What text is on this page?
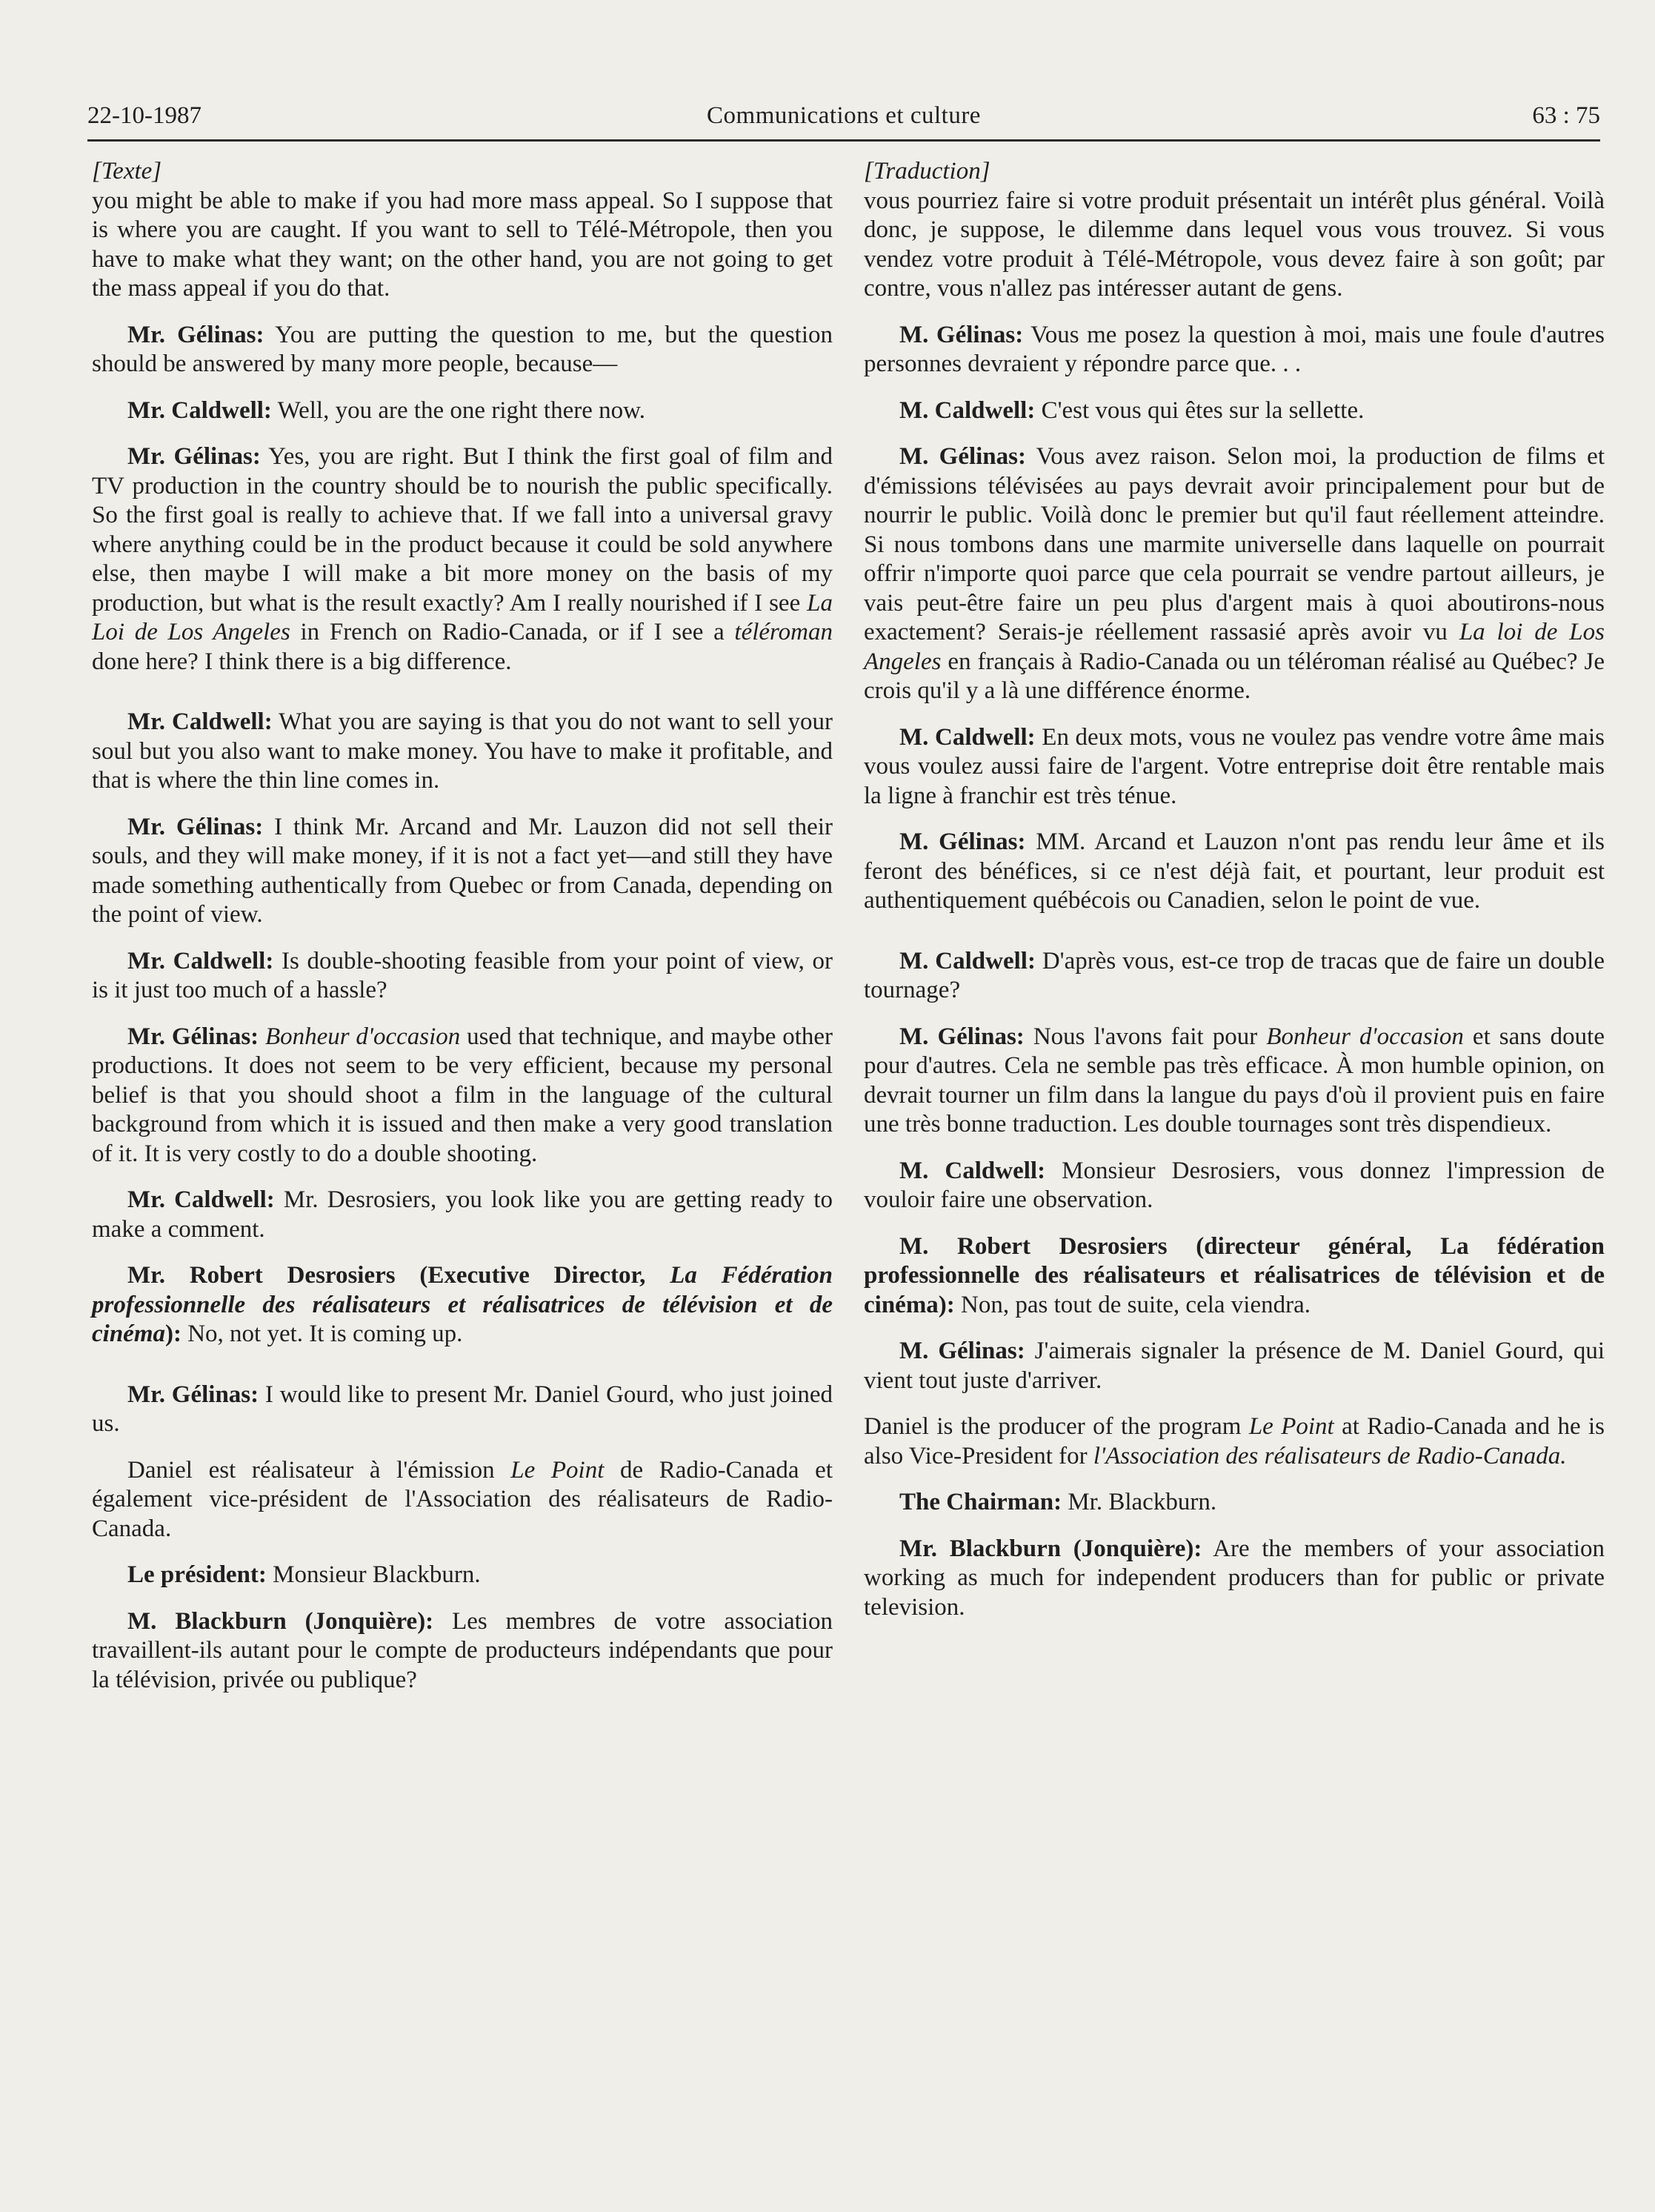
22-10-1987	Communications et culture	63 : 75

[Texte]

you might be able to make if you had more mass appeal. So I suppose that is where you are caught. If you want to sell to Télé-Métropole, then you have to make what they want; on the other hand, you are not going to get the mass appeal if you do that.

Mr. Gélinas: You are putting the question to me, but the question should be answered by many more people, because—

Mr. Caldwell: Well, you are the one right there now.

Mr. Gélinas: Yes, you are right. But I think the first goal of film and TV production in the country should be to nourish the public specifically. So the first goal is really to achieve that. If we fall into a universal gravy where anything could be in the product because it could be sold anywhere else, then maybe I will make a bit more money on the basis of my production, but what is the result exactly? Am I really nourished if I see La Loi de Los Angeles in French on Radio-Canada, or if I see a téléroman done here? I think there is a big difference.

Mr. Caldwell: What you are saying is that you do not want to sell your soul but you also want to make money. You have to make it profitable, and that is where the thin line comes in.

Mr. Gélinas: I think Mr. Arcand and Mr. Lauzon did not sell their souls, and they will make money, if it is not a fact yet—and still they have made something authentically from Quebec or from Canada, depending on the point of view.

Mr. Caldwell: Is double-shooting feasible from your point of view, or is it just too much of a hassle?

Mr. Gélinas: Bonheur d'occasion used that technique, and maybe other productions. It does not seem to be very efficient, because my personal belief is that you should shoot a film in the language of the cultural background from which it is issued and then make a very good translation of it. It is very costly to do a double shooting.

Mr. Caldwell: Mr. Desrosiers, you look like you are getting ready to make a comment.

Mr. Robert Desrosiers (Executive Director, La Fédération professionnelle des réalisateurs et réalisatrices de télévision et de cinéma): No, not yet. It is coming up.

Mr. Gélinas: I would like to present Mr. Daniel Gourd, who just joined us.

Daniel est réalisateur à l'émission Le Point de Radio-Canada et également vice-président de l'Association des réalisateurs de Radio-Canada.

Le président: Monsieur Blackburn.

M. Blackburn (Jonquière): Les membres de votre association travaillent-ils autant pour le compte de producteurs indépendants que pour la télévision, privée ou publique?

[Traduction]

vous pourriez faire si votre produit présentait un intérêt plus général. Voilà donc, je suppose, le dilemme dans lequel vous vous trouvez. Si vous vendez votre produit à Télé-Métropole, vous devez faire à son goût; par contre, vous n'allez pas intéresser autant de gens.

M. Gélinas: Vous me posez la question à moi, mais une foule d'autres personnes devraient y répondre parce que. . .

M. Caldwell: C'est vous qui êtes sur la sellette.

M. Gélinas: Vous avez raison. Selon moi, la production de films et d'émissions télévisées au pays devrait avoir principalement pour but de nourrir le public. Voilà donc le premier but qu'il faut réellement atteindre. Si nous tombons dans une marmite universelle dans laquelle on pourrait offrir n'importe quoi parce que cela pourrait se vendre partout ailleurs, je vais peut-être faire un peu plus d'argent mais à quoi aboutirons-nous exactement? Serais-je réellement rassasié après avoir vu La loi de Los Angeles en français à Radio-Canada ou un téléroman réalisé au Québec? Je crois qu'il y a là une différence énorme.

M. Caldwell: En deux mots, vous ne voulez pas vendre votre âme mais vous voulez aussi faire de l'argent. Votre entreprise doit être rentable mais la ligne à franchir est très ténue.

M. Gélinas: MM. Arcand et Lauzon n'ont pas rendu leur âme et ils feront des bénéfices, si ce n'est déjà fait, et pourtant, leur produit est authentiquement québécois ou Canadien, selon le point de vue.

M. Caldwell: D'après vous, est-ce trop de tracas que de faire un double tournage?

M. Gélinas: Nous l'avons fait pour Bonheur d'occasion et sans doute pour d'autres. Cela ne semble pas très efficace. À mon humble opinion, on devrait tourner un film dans la langue du pays d'où il provient puis en faire une très bonne traduction. Les double tournages sont très dispendieux.

M. Caldwell: Monsieur Desrosiers, vous donnez l'impression de vouloir faire une observation.

M. Robert Desrosiers (directeur général, La fédération professionnelle des réalisateurs et réalisatrices de télévision et de cinéma): Non, pas tout de suite, cela viendra.

M. Gélinas: J'aimerais signaler la présence de M. Daniel Gourd, qui vient tout juste d'arriver.

Daniel is the producer of the program Le Point at Radio-Canada and he is also Vice-President for l'Association des réalisateurs de Radio-Canada.

The Chairman: Mr. Blackburn.

Mr. Blackburn (Jonquière): Are the members of your association working as much for independent producers than for public or private television.
